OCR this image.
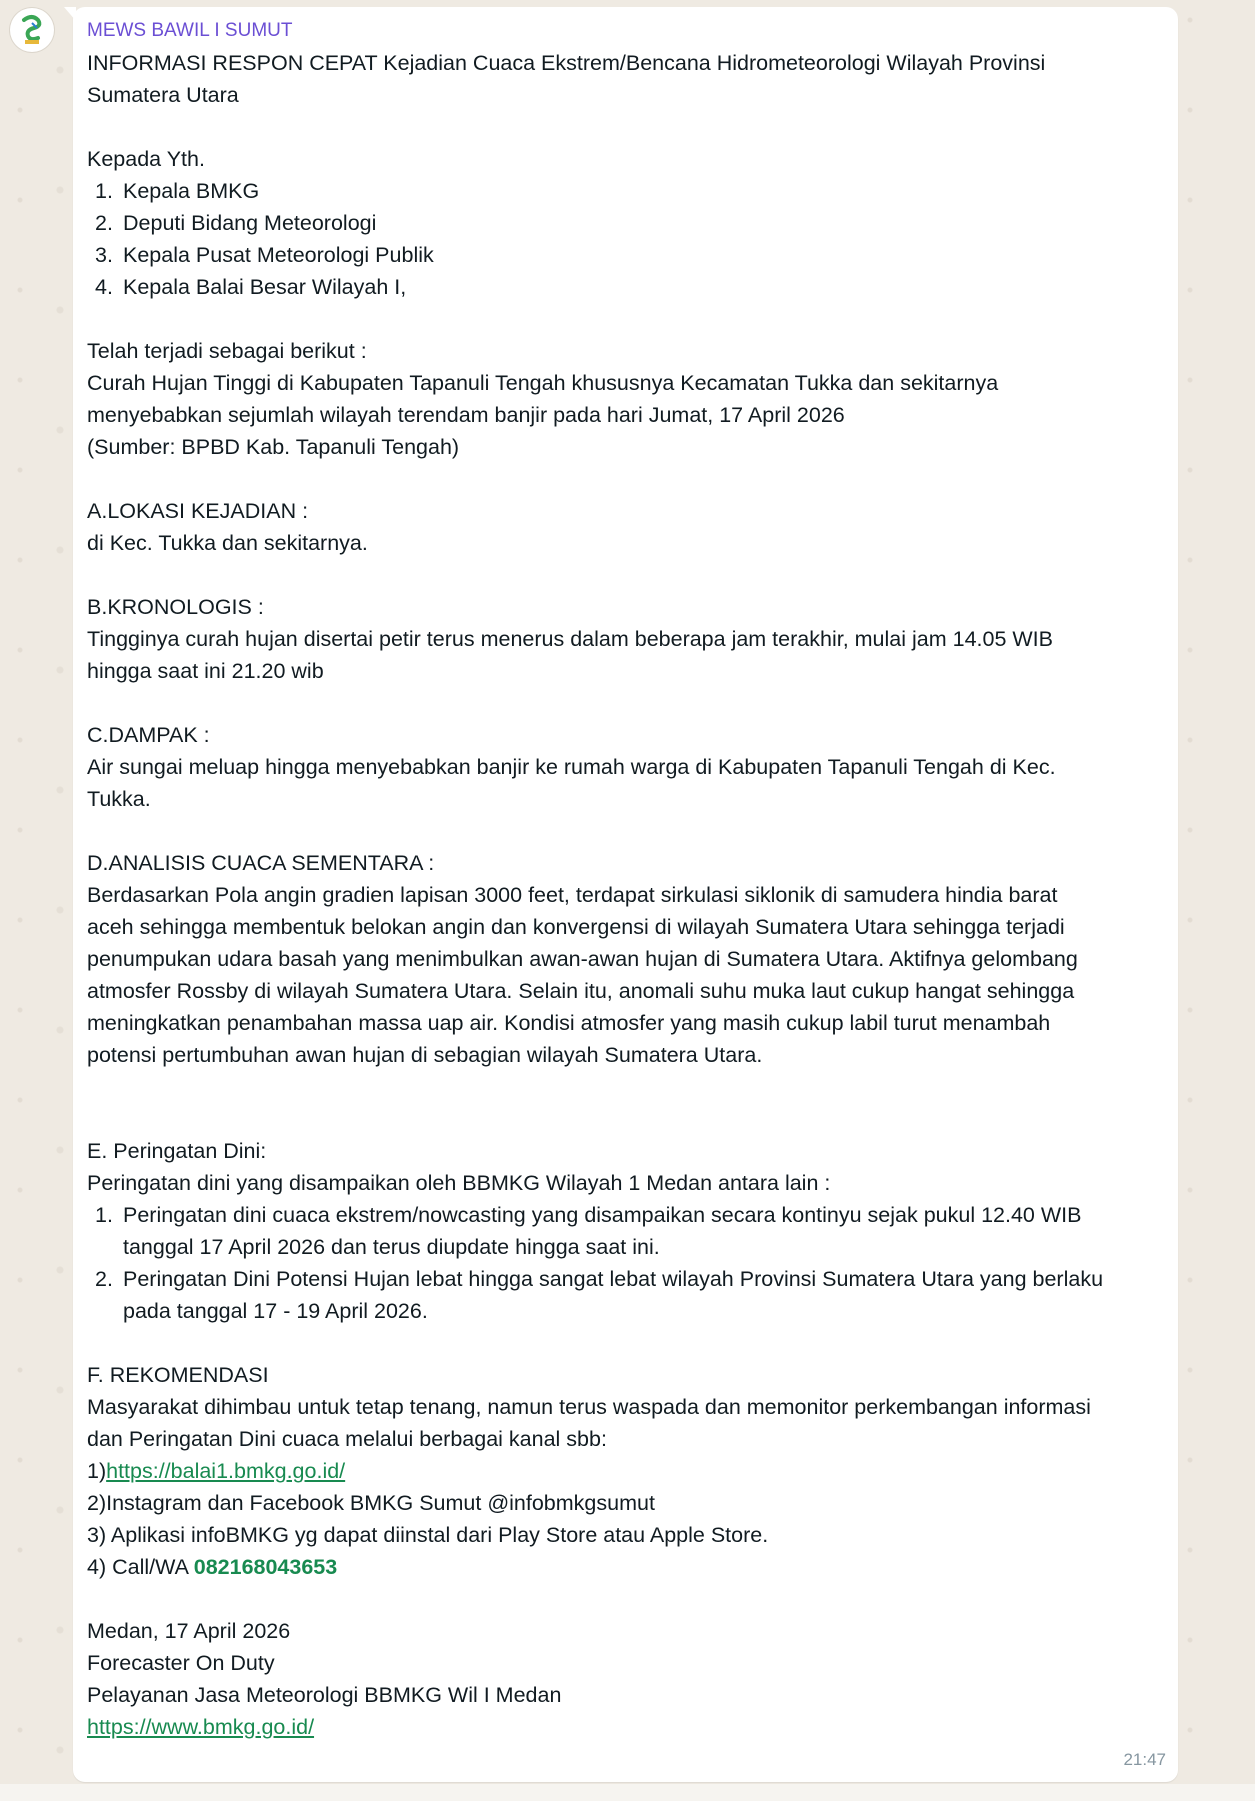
MEWS BAWIL I SUMUT
INFORMASI RESPON CEPAT Kejadian Cuaca Ekstrem/Bencana Hidrometeorologi Wilayah Provinsi
Sumatera Utara
Kepada Yth.
1. Kepala BMKG
2. Deputi Bidang Meteorologi
3. Kepala Pusat Meteorologi Publik
4. Kepala Balai Besar Wilayah I,
Telah terjadi sebagai berikut :
Curah Hujan Tinggi di Kabupaten Tapanuli Tengah khususnya Kecamatan Tukka dan sekitarnya
menyebabkan sejumlah wilayah terendam banjir pada hari Jumat, 17 April 2026
(Sumber: BPBD Kab. Tapanuli Tengah)
A.LOKASI KEJADIAN :
di Kec. Tukka dan sekitarnya.
B.KRONOLOGIS :
Tingginya curah hujan disertai petir terus menerus dalam beberapa jam terakhir, mulai jam 14.05 WIB
hingga saat ini 21.20 wib
C.DAMPAK :
Air sungai meluap hingga menyebabkan banjir ke rumah warga di Kabupaten Tapanuli Tengah di Kec.
Tukka.
D.ANALISIS CUACA SEMENTARA :
Berdasarkan Pola angin gradien lapisan 3000 feet, terdapat sirkulasi siklonik di samudera hindia barat
aceh sehingga membentuk belokan angin dan konvergensi di wilayah Sumatera Utara sehingga terjadi
penumpukan udara basah yang menimbulkan awan-awan hujan di Sumatera Utara. Aktifnya gelombang
atmosfer Rossby di wilayah Sumatera Utara. Selain itu, anomali suhu muka laut cukup hangat sehingga
meningkatkan penambahan massa uap air. Kondisi atmosfer yang masih cukup labil turut menambah
potensi pertumbuhan awan hujan di sebagian wilayah Sumatera Utara.
E. Peringatan Dini:
Peringatan dini yang disampaikan oleh BBMKG Wilayah 1 Medan antara lain :
1. Peringatan dini cuaca ekstrem/nowcasting yang disampaikan secara kontinyu sejak pukul 12.40 WIB
tanggal 17 April 2026 dan terus diupdate hingga saat ini.
2. Peringatan Dini Potensi Hujan lebat hingga sangat lebat wilayah Provinsi Sumatera Utara yang berlaku
pada tanggal 17 - 19 April 2026.
F. REKOMENDASI
Masyarakat dihimbau untuk tetap tenang, namun terus waspada dan memonitor perkembangan informasi
dan Peringatan Dini cuaca melalui berbagai kanal sbb:
1)https://balai1.bmkg.go.id/
2)Instagram dan Facebook BMKG Sumut @infobmkgsumut
3) Aplikasi infoBMKG yg dapat diinstal dari Play Store atau Apple Store.
4) Call/WA 082168043653
Medan, 17 April 2026
Forecaster On Duty
Pelayanan Jasa Meteorologi BBMKG Wil I Medan
https://www.bmkg.go.id/
21:47
